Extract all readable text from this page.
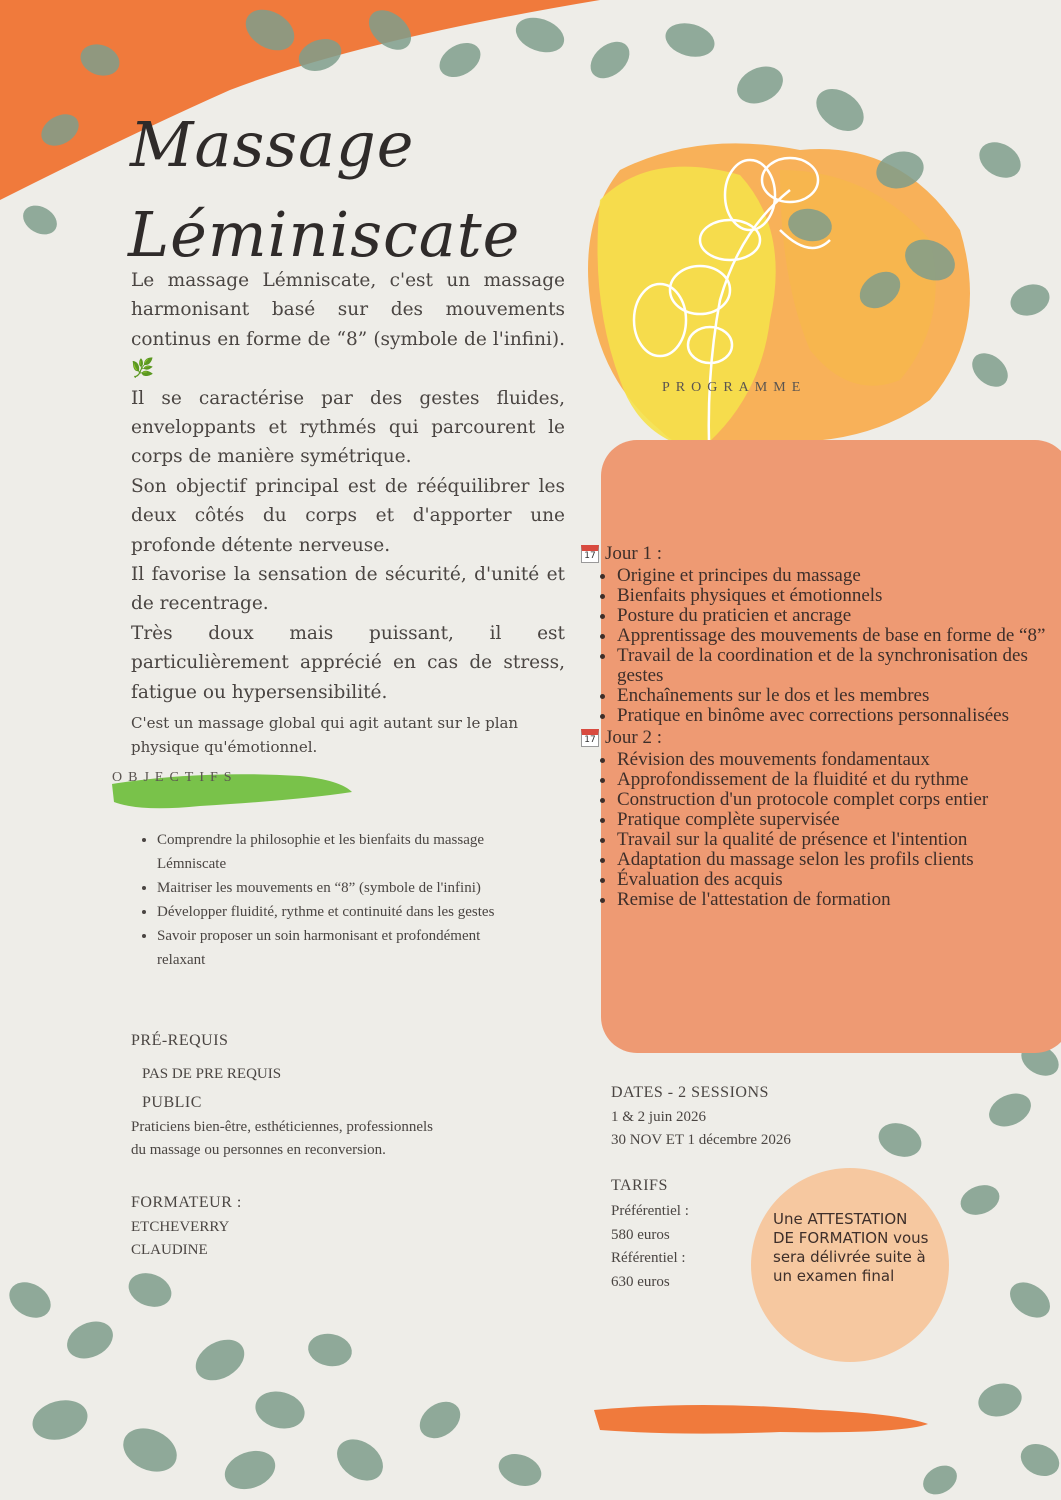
Massage
Léminiscate

Le massage Lémniscate, c'est un massage harmonisant basé sur des mouvements continus en forme de “8” (symbole de l'infini). 🌿

Il se caractérise par des gestes fluides, enveloppants et rythmés qui parcourent le corps de manière symétrique.

Son objectif principal est de rééquilibrer les deux côtés du corps et d'apporter une profonde détente nerveuse.

Il favorise la sensation de sécurité, d'unité et de recentrage.

Très doux mais puissant, il est particulièrement apprécié en cas de stress, fatigue ou hypersensibilité.

C'est un massage global qui agit autant sur le plan physique qu'émotionnel.

OBJECTIFS
• Comprendre la philosophie et les bienfaits du massage Lémniscate
• Maitriser les mouvements en “8” (symbole de l'infini)
• Développer fluidité, rythme et continuité dans les gestes
• Savoir proposer un soin harmonisant et profondément relaxant
PRÉ-REQUIS
PAS DE PRE REQUIS
PUBLIC
Praticiens bien-être, esthéticiennes, professionnels du massage ou personnes en reconversion.
FORMATEUR :
ETCHEVERRY
CLAUDINE
PROGRAMME
17 Jour 1 :
• Origine et principes du massage
• Bienfaits physiques et émotionnels
• Posture du praticien et ancrage
• Apprentissage des mouvements de base en forme de “8”
• Travail de la coordination et de la synchronisation des gestes
• Enchaînements sur le dos et les membres
• Pratique en binôme avec corrections personnalisées
17 Jour 2 :
• Révision des mouvements fondamentaux
• Approfondissement de la fluidité et du rythme
• Construction d'un protocole complet corps entier
• Pratique complète supervisée
• Travail sur la qualité de présence et l'intention
• Adaptation du massage selon les profils clients
• Évaluation des acquis
• Remise de l'attestation de formation
DATES - 2 SESSIONS
1 & 2 juin 2026
30 NOV ET 1 décembre 2026
TARIFS
Préférentiel :
580 euros
Référentiel :
630 euros
Une ATTESTATION DE FORMATION vous sera délivrée suite à un examen final
